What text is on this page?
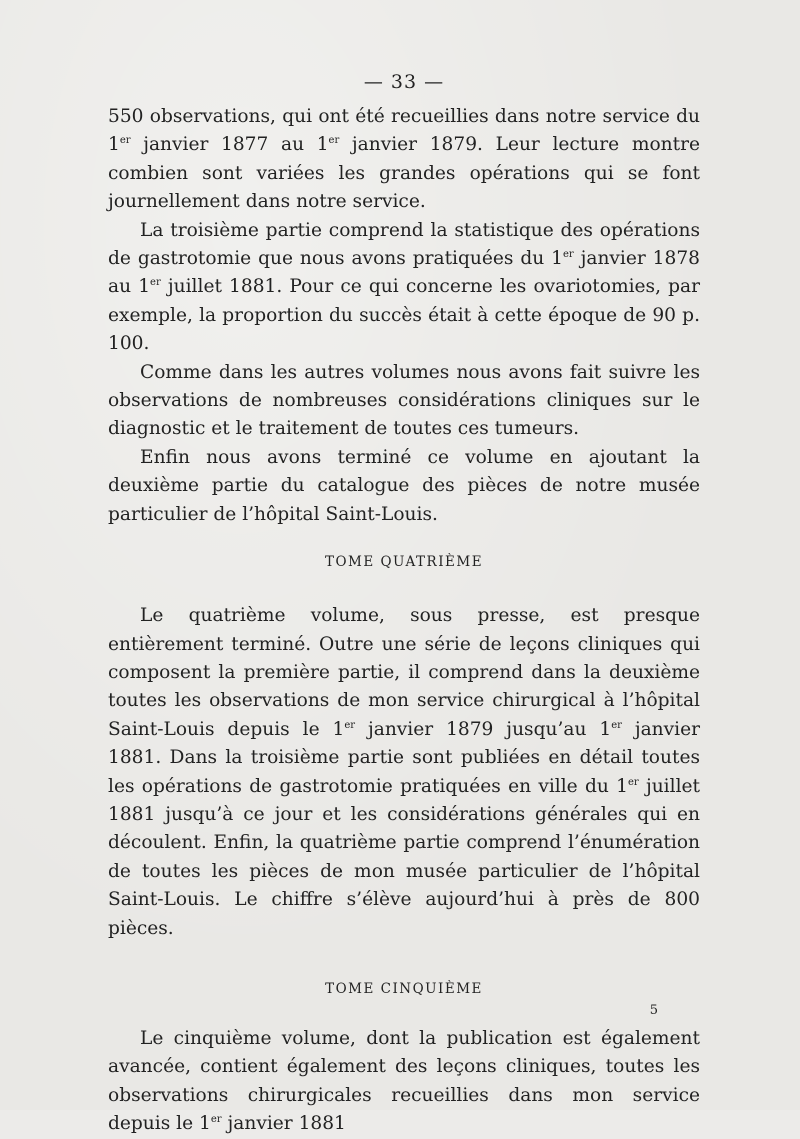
— 33 —

550 observations, qui ont été recueillies dans notre service du 1er janvier 1877 au 1er janvier 1879. Leur lecture montre combien sont variées les grandes opérations qui se font journellement dans notre service.

La troisième partie comprend la statistique des opérations de gastrotomie que nous avons pratiquées du 1er janvier 1878 au 1er juillet 1881. Pour ce qui concerne les ovariotomies, par exemple, la proportion du succès était à cette époque de 90 p. 100.

Comme dans les autres volumes nous avons fait suivre les observations de nombreuses considérations cliniques sur le diagnostic et le traitement de toutes ces tumeurs.

Enfin nous avons terminé ce volume en ajoutant la deuxième partie du catalogue des pièces de notre musée particulier de l’hôpital Saint-Louis.

TOME QUATRIÈME

Le quatrième volume, sous presse, est presque entièrement terminé. Outre une série de leçons cliniques qui composent la première partie, il comprend dans la deuxième toutes les observations de mon service chirurgical à l’hôpital Saint-Louis depuis le 1er janvier 1879 jusqu’au 1er janvier 1881. Dans la troisième partie sont publiées en détail toutes les opérations de gastrotomie pratiquées en ville du 1er juillet 1881 jusqu’à ce jour et les considérations générales qui en découlent. Enfin, la quatrième partie comprend l’énumération de toutes les pièces de mon musée particulier de l’hôpital Saint-Louis. Le chiffre s’élève aujourd’hui à près de 800 pièces.

TOME CINQUIÈME

Le cinquième volume, dont la publication est également avancée, contient également des leçons cliniques, toutes les observations chirurgicales recueillies dans mon service depuis le 1er janvier 1881

5
